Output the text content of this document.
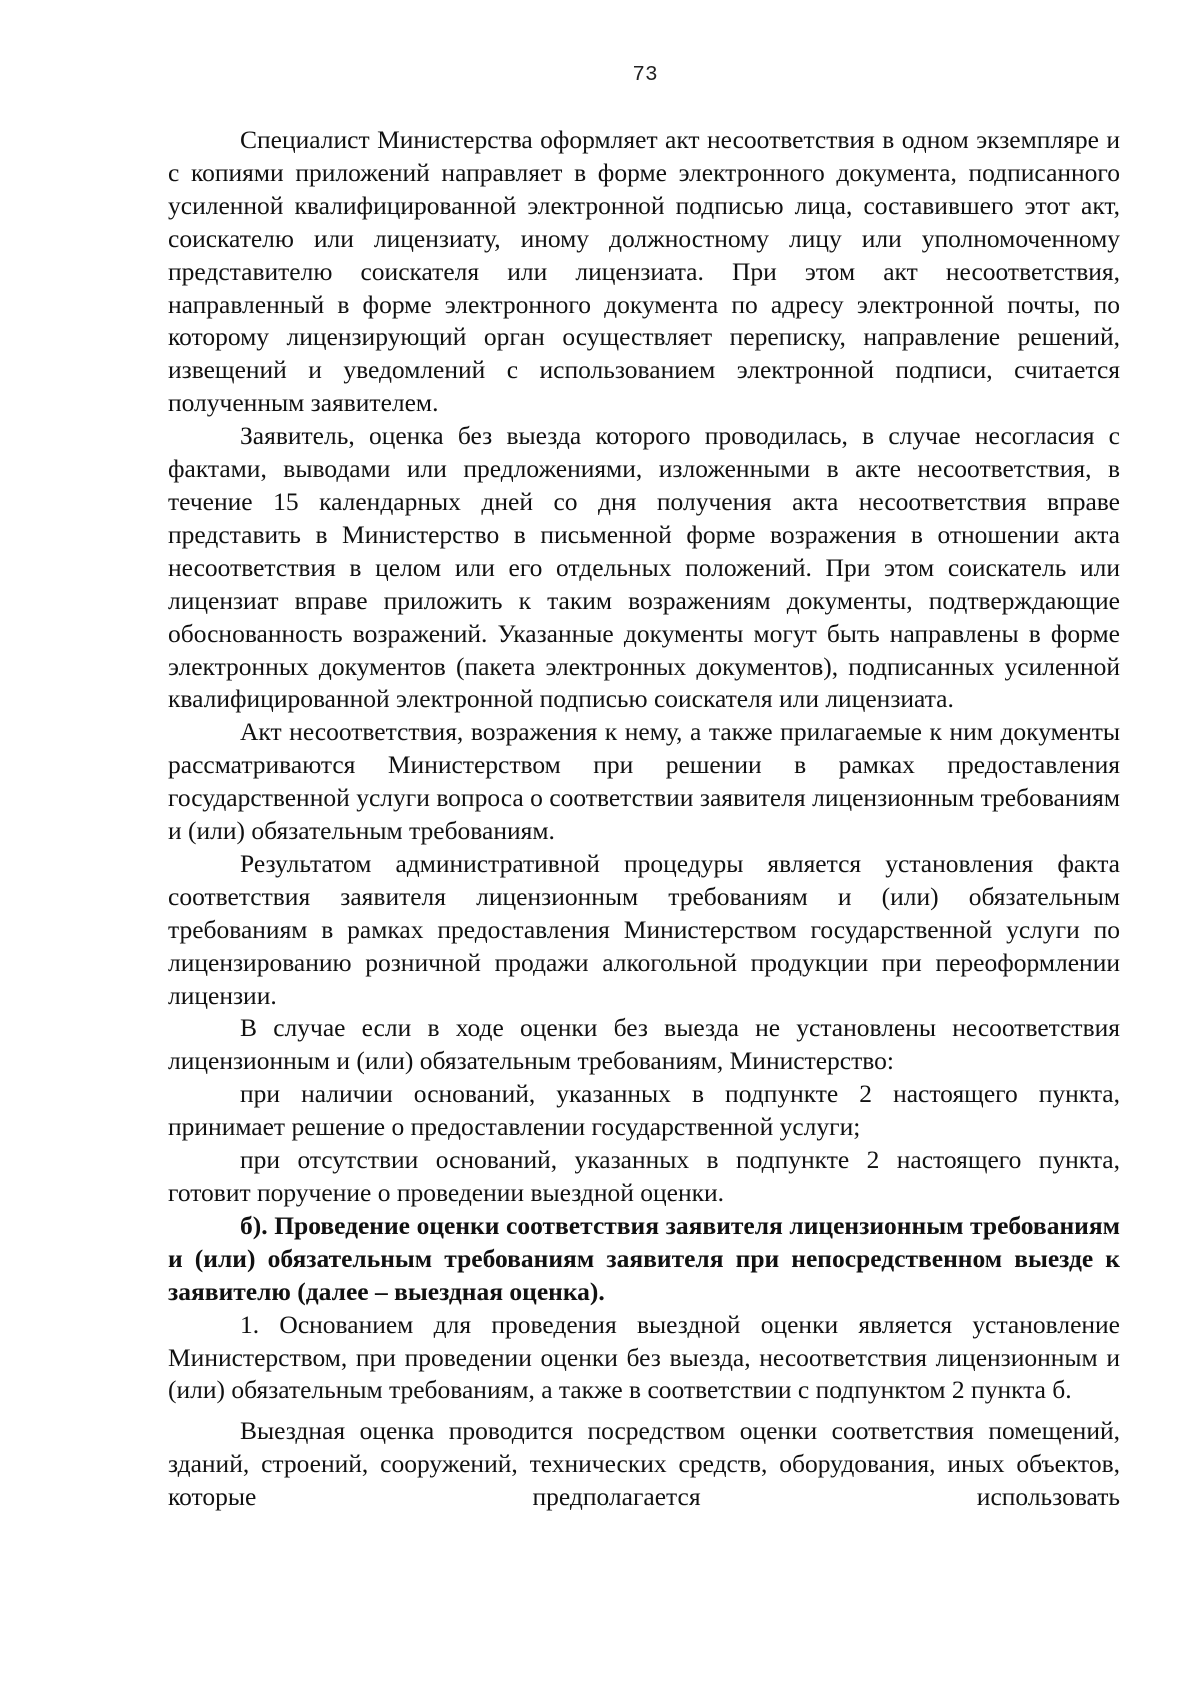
73

Специалист Министерства оформляет акт несоответствия в одном экземпляре и с копиями приложений направляет в форме электронного документа, подписанного усиленной квалифицированной электронной подписью лица, составившего этот акт, соискателю или лицензиату, иному должностному лицу или уполномоченному представителю соискателя или лицензиата. При этом акт несоответствия, направленный в форме электронного документа по адресу электронной почты, по которому лицензирующий орган осуществляет переписку, направление решений, извещений и уведомлений с использованием электронной подписи, считается полученным заявителем.

Заявитель, оценка без выезда которого проводилась, в случае несогласия с фактами, выводами или предложениями, изложенными в акте несоответствия, в течение 15 календарных дней со дня получения акта несоответствия вправе представить в Министерство в письменной форме возражения в отношении акта несоответствия в целом или его отдельных положений. При этом соискатель или лицензиат вправе приложить к таким возражениям документы, подтверждающие обоснованность возражений. Указанные документы могут быть направлены в форме электронных документов (пакета электронных документов), подписанных усиленной квалифицированной электронной подписью соискателя или лицензиата.

Акт несоответствия, возражения к нему, а также прилагаемые к ним документы рассматриваются Министерством при решении в рамках предоставления государственной услуги вопроса о соответствии заявителя лицензионным требованиям и (или) обязательным требованиям.

Результатом административной процедуры является установления факта соответствия заявителя лицензионным требованиям и (или) обязательным требованиям в рамках предоставления Министерством государственной услуги по лицензированию розничной продажи алкогольной продукции при переоформлении лицензии.

В случае если в ходе оценки без выезда не установлены несоответствия лицензионным и (или) обязательным требованиям, Министерство:

при наличии оснований, указанных в подпункте 2 настоящего пункта, принимает решение о предоставлении государственной услуги;

при отсутствии оснований, указанных в подпункте 2 настоящего пункта, готовит поручение о проведении выездной оценки.

б). Проведение оценки соответствия заявителя лицензионным требованиям и (или) обязательным требованиям заявителя при непосредственном выезде к заявителю (далее – выездная оценка).

1. Основанием для проведения выездной оценки является установление Министерством, при проведении оценки без выезда, несоответствия лицензионным и (или) обязательным требованиям, а также в соответствии с подпунктом 2 пункта б.

Выездная оценка проводится посредством оценки соответствия помещений, зданий, строений, сооружений, технических средств, оборудования, иных объектов, которые предполагается использовать
